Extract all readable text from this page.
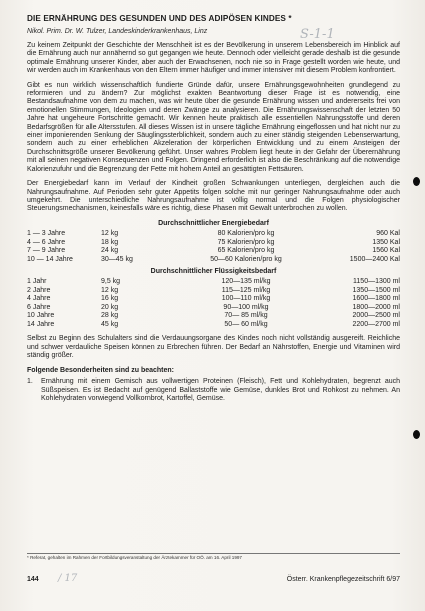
DIE ERNÄHRUNG DES GESUNDEN UND DES ADIPÖSEN KINDES *
Nikol. Prim. Dr. W. Tulzer, Landeskinderkrankenhaus, Linz

Zu keinem Zeitpunkt der Geschichte der Menschheit ist es der Bevölkerung in unserem Lebensbereich im Hinblick auf die Ernährung auch nur annähernd so gut gegangen wie heute. Dennoch oder vielleicht gerade deshalb ist die gesunde optimale Ernährung unserer Kinder, aber auch der Erwachsenen, noch nie so in Frage gestellt worden wie heute, und wir werden auch im Krankenhaus von den Eltern immer häufiger und immer intensiver mit diesem Problem konfrontiert.

Gibt es nun wirklich wissenschaftlich fundierte Gründe dafür, unsere Ernährungsgewohnheiten grundlegend zu reformieren und zu ändern? Zur möglichst exakten Beantwortung dieser Frage ist es notwendig, eine Bestandsaufnahme von dem zu machen, was wir heute über die gesunde Ernährung wissen und andererseits frei von emotionellen Stimmungen, Ideologien und deren Zwänge zu analysieren. Die Ernährungswissenschaft der letzten 50 Jahre hat ungeheure Fortschritte gemacht. Wir kennen heute praktisch alle essentiellen Nahrungsstoffe und deren Bedarfsgrößen für alle Altersstufen. All dieses Wissen ist in unsere tägliche Ernährung eingeflossen und hat nicht nur zu einer imponierenden Senkung der Säuglingssterblichkeit, sondern auch zu einer ständig steigenden Lebenserwartung, sondern auch zu einer erheblichen Akzeleration der körperlichen Entwicklung und zu einem Ansteigen der Durchschnittsgröße unserer Bevölkerung geführt. Unser wahres Problem liegt heute in der Gefahr der Überernährung mit all seinen negativen Konsequenzen und Folgen. Dringend erforderlich ist also die Beschränkung auf die notwendige Kalorienzufuhr und die Begrenzung der Fette mit hohem Anteil an gesättigten Fettsäuren.

Der Energiebedarf kann im Verlauf der Kindheit großen Schwankungen unterliegen, dergleichen auch die Nahrungsaufnahme. Auf Perioden sehr guter Appetits folgen solche mit nur geringer Nahrungsaufnahme oder auch umgekehrt. Die unterschiedliche Nahrungsaufnahme ist völlig normal und die Folgen physiologischer Steuerungsmechanismen, keinesfalls wäre es richtig, diese Phasen mit Gewalt unterbrochen zu wollen.

Durchschnittlicher Energiebedarf
1 — 3 Jahre	12 kg	80 Kalorien/pro kg	960 Kal
4 — 6 Jahre	18 kg	75 Kalorien/pro kg	1350 Kal
7 — 9 Jahre	24 kg	65 Kalorien/pro kg	1560 Kal
10 — 14 Jahre	30—45 kg	50—60 Kalorien/pro kg	1500—2400 Kal
Durchschnittlicher Flüssigkeitsbedarf
1 Jahr	9,5 kg	120—135 ml/kg	1150—1300 ml
2 Jahre	12 kg	115—125 ml/kg	1350—1500 ml
4 Jahre	16 kg	100—110 ml/kg	1600—1800 ml
6 Jahre	20 kg	90—100 ml/kg	1800—2000 ml
10 Jahre	28 kg	70— 85 ml/kg	2000—2500 ml
14 Jahre	45 kg	50— 60 ml/kg	2200—2700 ml

Selbst zu Beginn des Schulalters sind die Verdauungsorgane des Kindes noch nicht vollständig ausgereift. Reichliche und schwer verdauliche Speisen können zu Erbrechen führen. Der Bedarf an Nährstoffen, Energie und Vitaminen wird ständig größer.

Folgende Besonderheiten sind zu beachten:
1.	Ernährung mit einem Gemisch aus vollwertigen Proteinen (Fleisch), Fett und Kohlehydraten, begrenzt auch Süßspeisen. Es ist Bedacht auf genügend Ballaststoffe wie Gemüse, dunkles Brot und Rohkost zu nehmen. An Kohlehydraten vorwiegend Vollkornbrot, Kartoffel, Gemüse.
* Referat, gehalten im Rahmen der Fortbildungsveranstaltung der Ärztekammer für OÖ. am 16. April 1997
144	Österr. Krankenpflegezeitschrift 6/97
S-1-1
/ 17
